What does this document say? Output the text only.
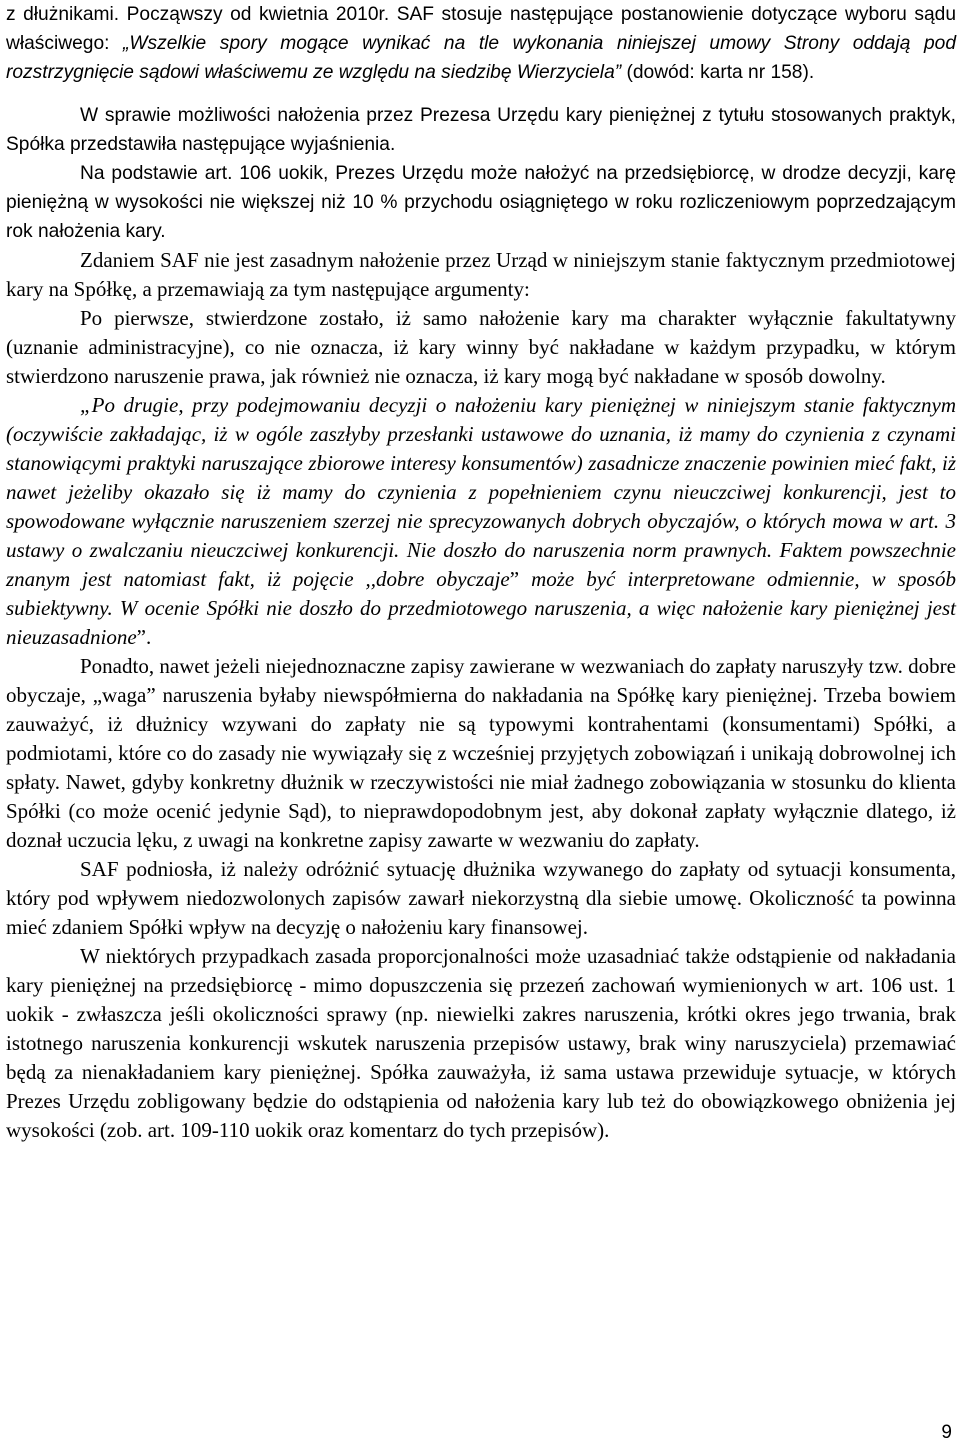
z dłużnikami. Począwszy od kwietnia 2010r. SAF stosuje następujące postanowienie dotyczące wyboru sądu właściwego: „Wszelkie spory mogące wynikać na tle wykonania niniejszej umowy Strony oddają pod rozstrzygnięcie sądowi właściwemu ze względu na siedzibę Wierzyciela” (dowód: karta nr 158).

W sprawie możliwości nałożenia przez Prezesa Urzędu kary pieniężnej z tytułu stosowanych praktyk, Spółka przedstawiła następujące wyjaśnienia.

Na podstawie art. 106 uokik, Prezes Urzędu może nałożyć na przedsiębiorcę, w drodze decyzji, karę pieniężną w wysokości nie większej niż 10 % przychodu osiągniętego w roku rozliczeniowym poprzedzającym rok nałożenia kary.

Zdaniem SAF nie jest zasadnym nałożenie przez Urząd w niniejszym stanie faktycznym przedmiotowej kary na Spółkę, a przemawiają za tym następujące argumenty:

Po pierwsze, stwierdzone zostało, iż samo nałożenie kary ma charakter wyłącznie fakultatywny (uznanie administracyjne), co nie oznacza, iż kary winny być nakładane w każdym przypadku, w którym stwierdzono naruszenie prawa, jak również nie oznacza, iż kary mogą być nakładane w sposób dowolny.

„Po drugie, przy podejmowaniu decyzji o nałożeniu kary pieniężnej w niniejszym stanie faktycznym (oczywiście zakładając, iż w ogóle zaszłyby przesłanki ustawowe do uznania, iż mamy do czynienia z czynami stanowiącymi praktyki naruszające zbiorowe interesy konsumentów) zasadnicze znaczenie powinien mieć fakt, iż nawet jeżeliby okazało się iż mamy do czynienia z popełnieniem czynu nieuczciwej konkurencji, jest to spowodowane wyłącznie naruszeniem szerzej nie sprecyzowanych dobrych obyczajów, o których mowa w art. 3 ustawy o zwalczaniu nieuczciwej konkurencji. Nie doszło do naruszenia norm prawnych. Faktem powszechnie znanym jest natomiast fakt, iż pojęcie ,,dobre obyczaje” może być interpretowane odmiennie, w sposób subiektywny. W ocenie Spółki nie doszło do przedmiotowego naruszenia, a więc nałożenie kary pieniężnej jest nieuzasadnione”.

Ponadto, nawet jeżeli niejednoznaczne zapisy zawierane w wezwaniach do zapłaty naruszyły tzw. dobre obyczaje, „waga” naruszenia byłaby niewspółmierna do nakładania na Spółkę kary pieniężnej. Trzeba bowiem zauważyć, iż dłużnicy wzywani do zapłaty nie są typowymi kontrahentami (konsumentami) Spółki, a podmiotami, które co do zasady nie wywiązały się z wcześniej przyjętych zobowiązań i unikają dobrowolnej ich spłaty. Nawet, gdyby konkretny dłużnik w rzeczywistości nie miał żadnego zobowiązania w stosunku do klienta Spółki (co może ocenić jedynie Sąd), to nieprawdopodobnym jest, aby dokonał zapłaty wyłącznie dlatego, iż doznał uczucia lęku, z uwagi na konkretne zapisy zawarte w wezwaniu do zapłaty.

SAF podniosła, iż należy odróżnić sytuację dłużnika wzywanego do zapłaty od sytuacji konsumenta, który pod wpływem niedozwolonych zapisów zawarł niekorzystną dla siebie umowę. Okoliczność ta powinna mieć zdaniem Spółki wpływ na decyzję o nałożeniu kary finansowej.

W niektórych przypadkach zasada proporcjonalności może uzasadniać także odstąpienie od nakładania kary pieniężnej na przedsiębiorcę - mimo dopuszczenia się przezeń zachowań wymienionych w art. 106 ust. 1 uokik - zwłaszcza jeśli okoliczności sprawy (np. niewielki zakres naruszenia, krótki okres jego trwania, brak istotnego naruszenia konkurencji wskutek naruszenia przepisów ustawy, brak winy naruszyciela) przemawiać będą za nienakładaniem kary pieniężnej. Spółka zauważyła, iż sama ustawa przewiduje sytuacje, w których Prezes Urzędu zobligowany będzie do odstąpienia od nałożenia kary lub też do obowiązkowego obniżenia jej wysokości (zob. art. 109-110 uokik oraz komentarz do tych przepisów).

9
